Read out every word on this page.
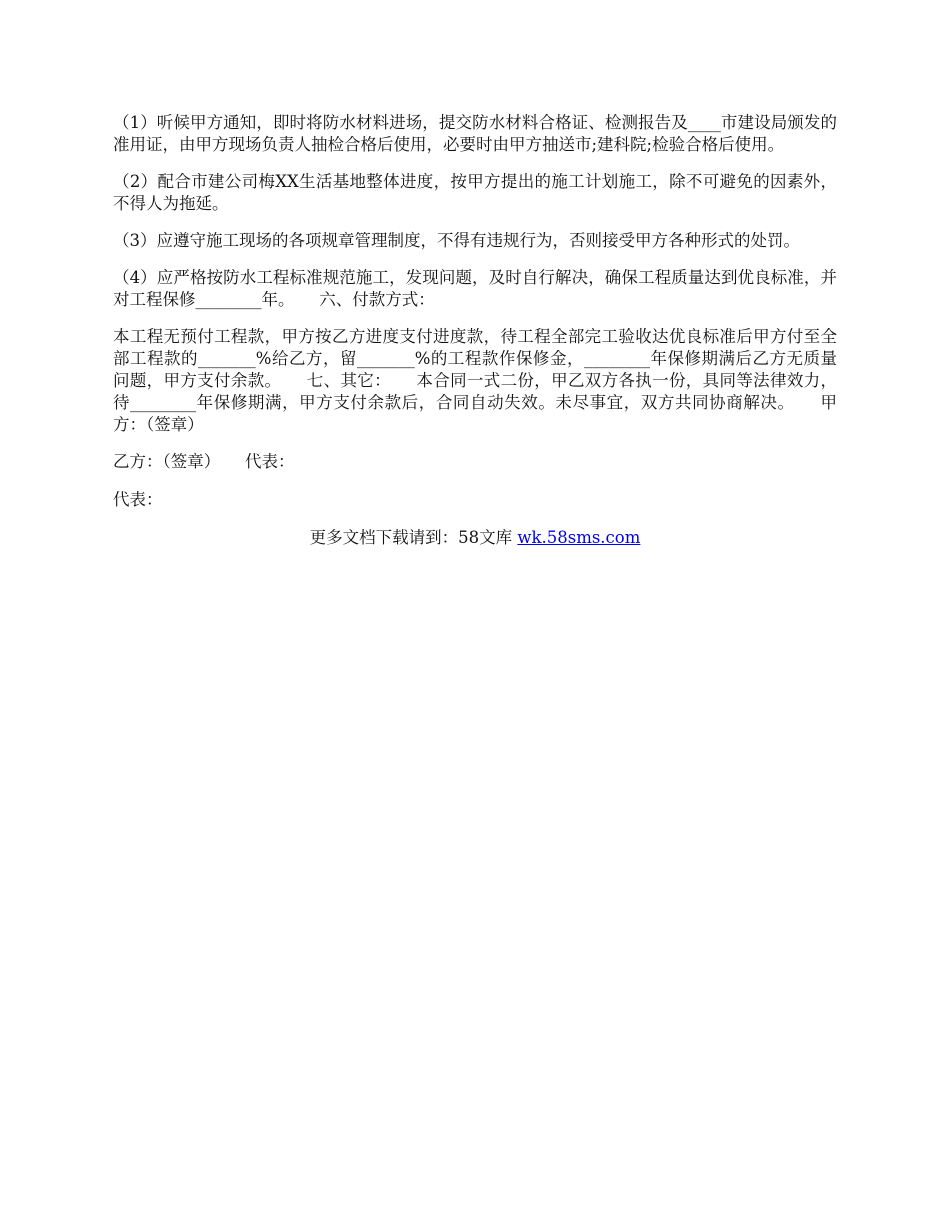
（1）听候甲方通知，即时将防水材料进场，提交防水材料合格证、检测报告及____市建设局颁发的准用证，由甲方现场负责人抽检合格后使用，必要时由甲方抽送市;建科院;检验合格后使用。

（2）配合市建公司梅XX生活基地整体进度，按甲方提出的施工计划施工，除不可避免的因素外，不得人为拖延。

（3）应遵守施工现场的各项规章管理制度，不得有违规行为，否则接受甲方各种形式的处罚。

（4）应严格按防水工程标准规范施工，发现问题，及时自行解决，确保工程质量达到优良标准，并对工程保修________年。　　六、付款方式：

本工程无预付工程款，甲方按乙方进度支付进度款，待工程全部完工验收达优良标准后甲方付至全部工程款的_______%给乙方，留_______%的工程款作保修金，________年保修期满后乙方无质量问题，甲方支付余款。　　七、其它：　　本合同一式二份，甲乙双方各执一份，具同等法律效力，待________年保修期满，甲方支付余款后，合同自动失效。未尽事宜，双方共同协商解决。　　甲方：（签章）

乙方：（签章）　　代表：

代表：

更多文档下载请到：58文库 wk.58sms.com
